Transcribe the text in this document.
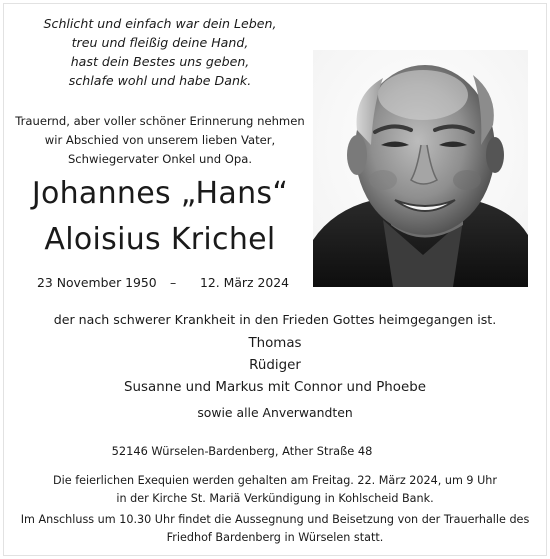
Schlicht und einfach war dein Leben,
treu und fleißig deine Hand,
hast dein Bestes uns geben,
schlafe wohl und habe Dank.
Trauernd, aber voller schöner Erinnerung nehmen
wir Abschied von unserem lieben Vater,
Schwiegervater Onkel und Opa.
Johannes „Hans“
Aloisius Krichel
23 November 1950 – 12. März 2024
der nach schwerer Krankheit in den Frieden Gottes heimgegangen ist.
Thomas
Rüdiger
Susanne und Markus mit Connor und Phoebe
sowie alle Anverwandten
52146 Würselen-Bardenberg, Ather Straße 48
Die feierlichen Exequien werden gehalten am Freitag. 22. März 2024, um 9 Uhr
in der Kirche St. Mariä Verkündigung in Kohlscheid Bank.
Im Anschluss um 10.30 Uhr findet die Aussegnung und Beisetzung von der Trauerhalle des
Friedhof Bardenberg in Würselen statt.
